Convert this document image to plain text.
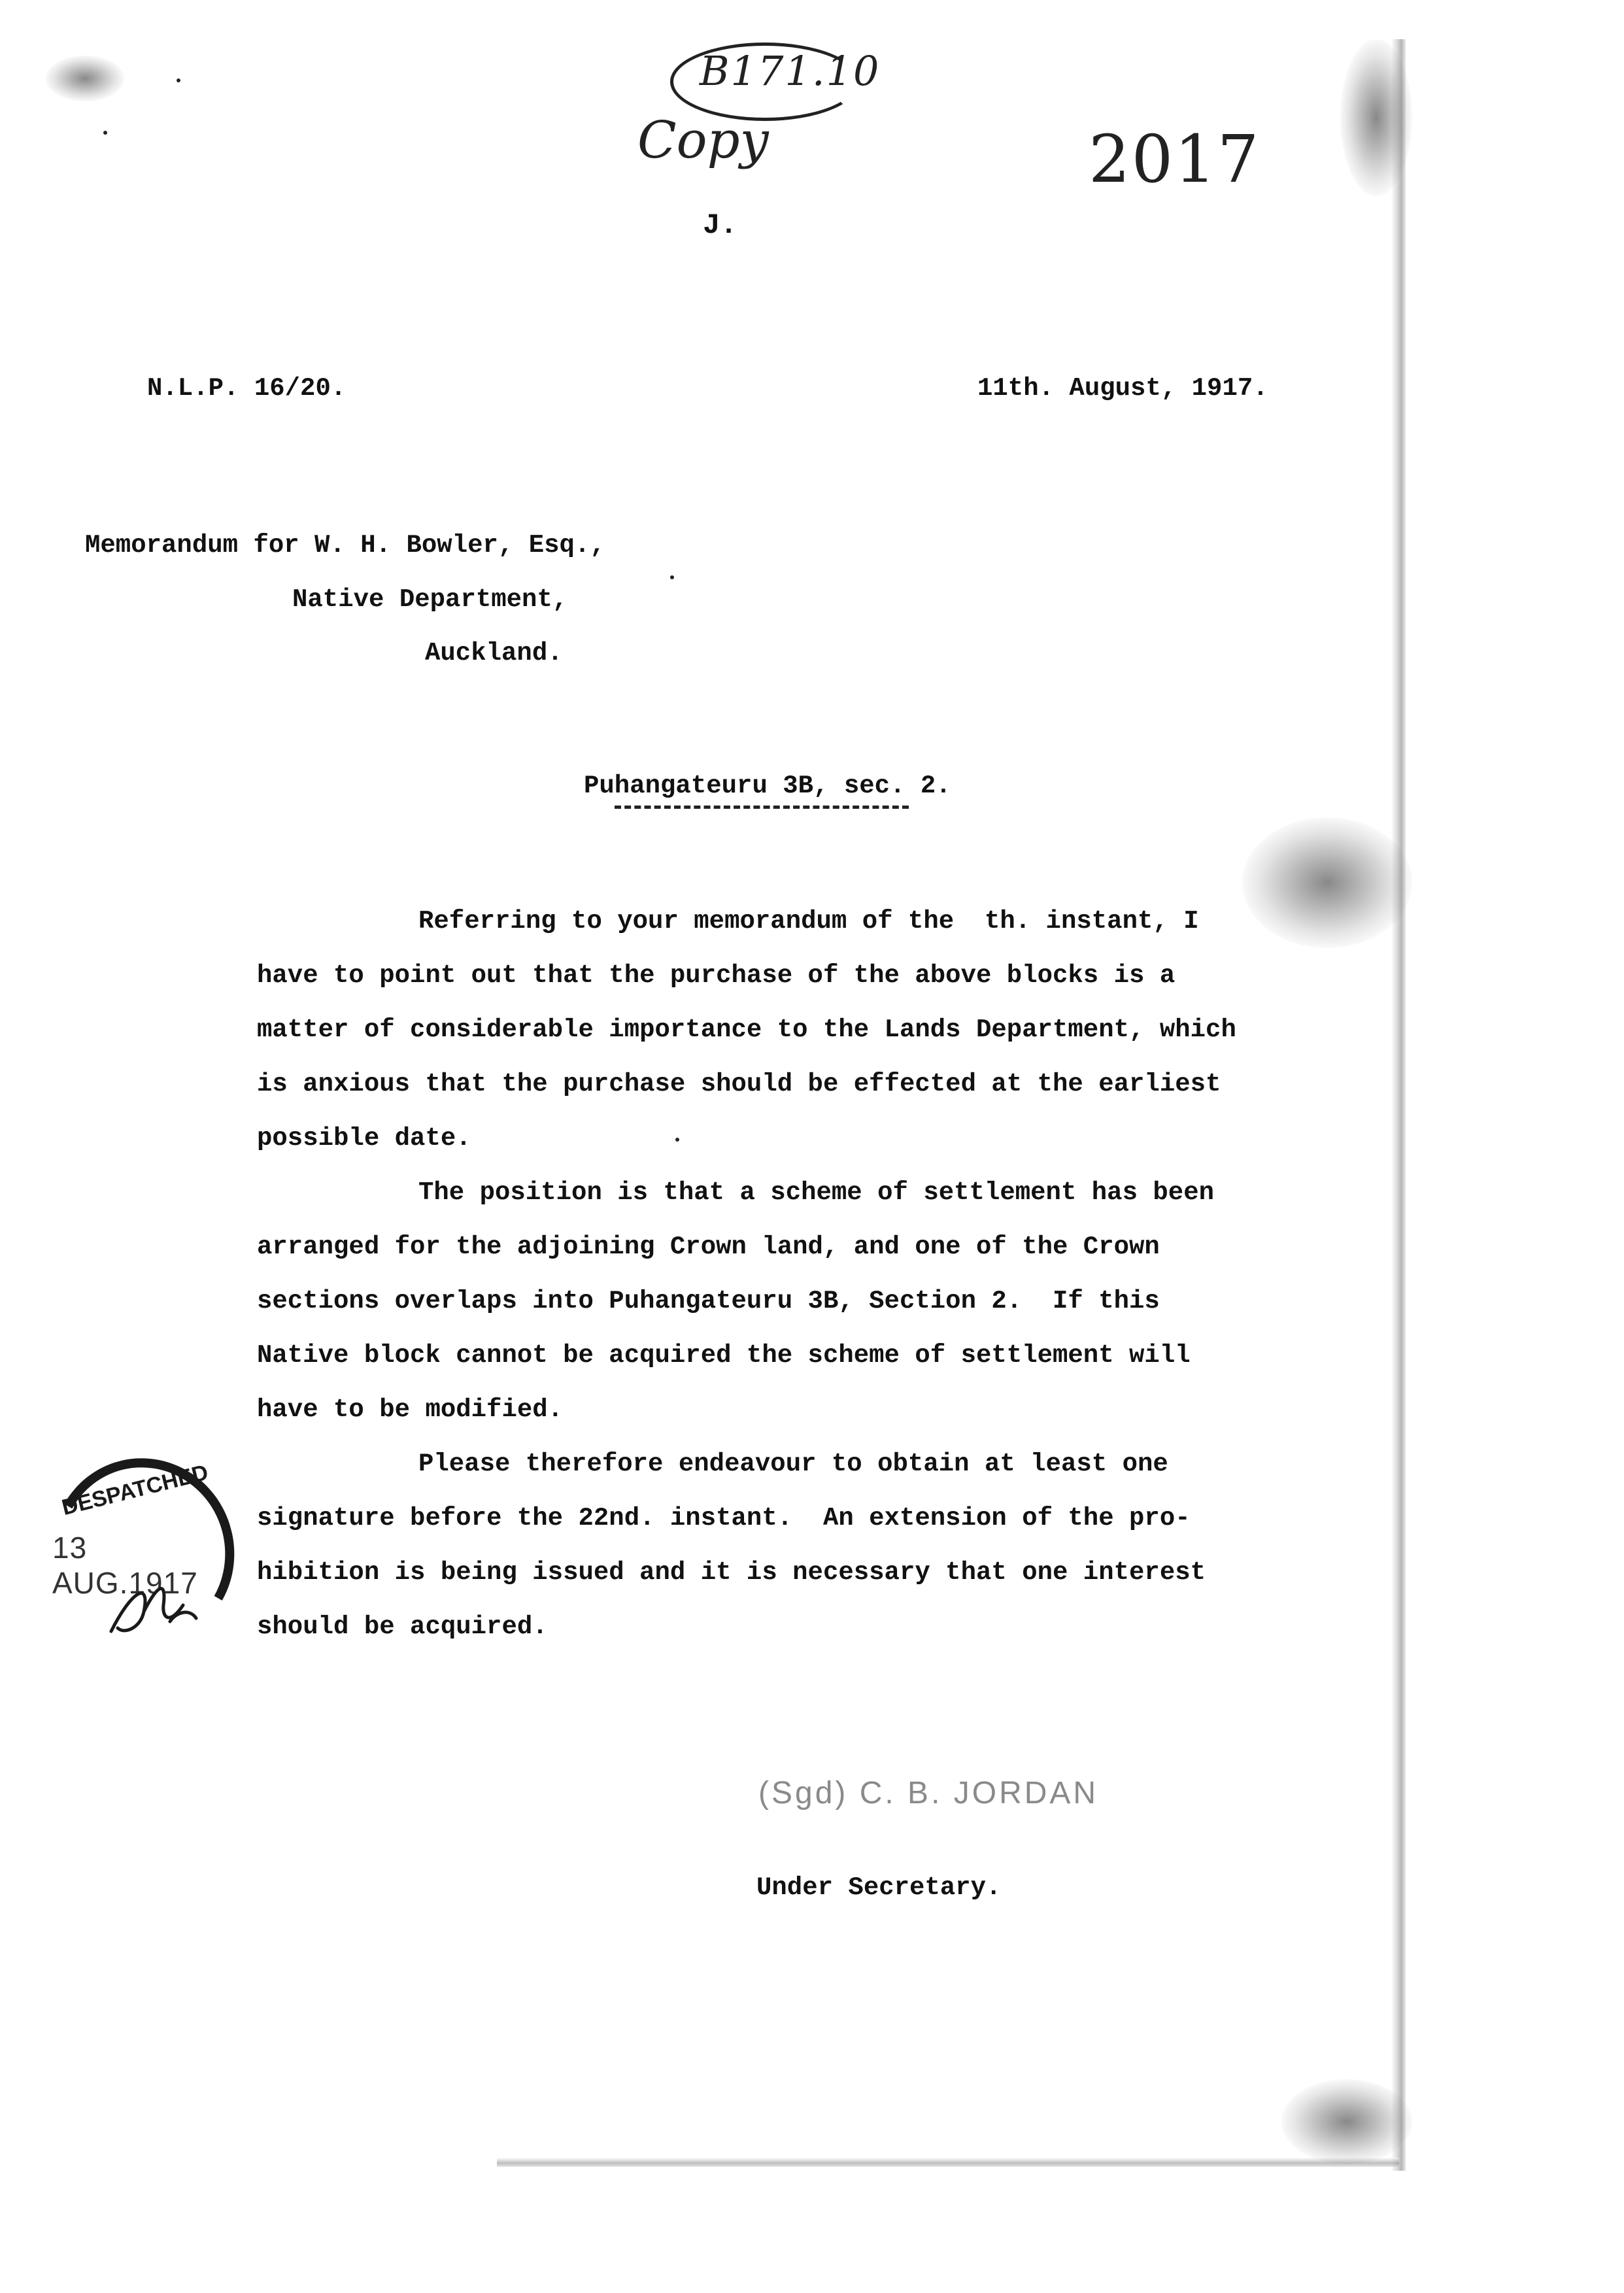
B171.10
Copy
J.
2017
N.L.P. 16/20.	11th. August, 1917.
Memorandum for W. H. Bowler, Esq.,
Native Department,
Auckland.
Puhangateuru 3B, sec. 2.
Referring to your memorandum of the  th. instant, I
have to point out that the purchase of the above blocks is a
matter of considerable importance to the Lands Department, which
is anxious that the purchase should be effected at the earliest
possible date.
The position is that a scheme of settlement has been
arranged for the adjoining Crown land, and one of the Crown
sections overlaps into Puhangateuru 3B, Section 2.  If this
Native block cannot be acquired the scheme of settlement will
have to be modified.
Please therefore endeavour to obtain at least one
signature before the 22nd. instant.  An extension of the pro-
hibition is being issued and it is necessary that one interest
should be acquired.
DESPATCHED
13 AUG.1917
(Sgd) C. B. JORDAN
Under Secretary.
